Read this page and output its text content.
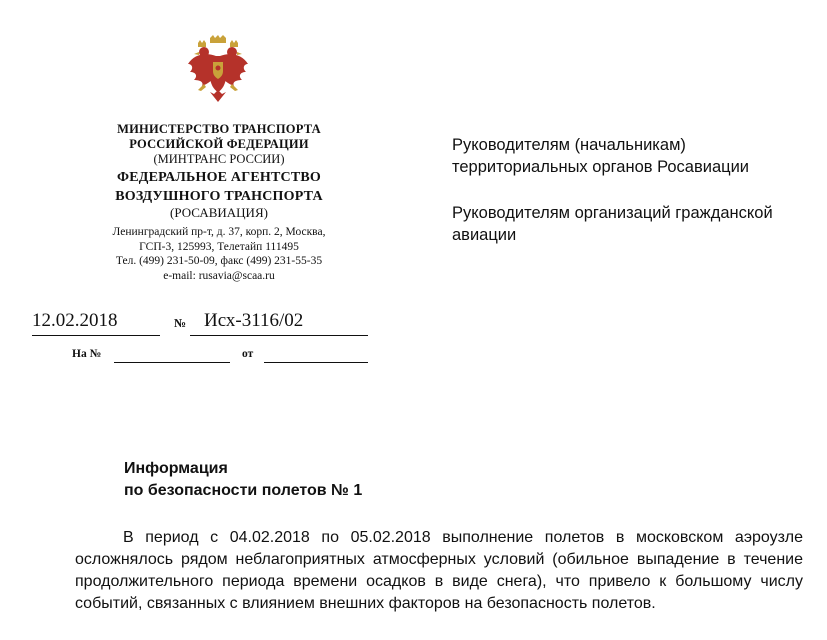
МИНИСТЕРСТВО ТРАНСПОРТА
РОССИЙСКОЙ ФЕДЕРАЦИИ
(МИНТРАНС РОССИИ)
ФЕДЕРАЛЬНОЕ АГЕНТСТВО
ВОЗДУШНОГО ТРАНСПОРТА
(РОСАВИАЦИЯ)
Ленинградский пр-т, д. 37, корп. 2, Москва,
ГСП-3, 125993, Телетайп 111495
Тел. (499) 231-50-09, факс (499) 231-55-35
e-mail: rusavia@scaa.ru
12.02.2018	№ Исх-3116/02
На №	от
Руководителям (начальникам) территориальных органов Росавиации
Руководителям организаций гражданской авиации
Информация
по безопасности полетов № 1
В период с 04.02.2018 по 05.02.2018 выполнение полетов в московском аэроузле осложнялось рядом неблагоприятных атмосферных условий (обильное выпадение в течение продолжительного периода времени осадков в виде снега), что привело к большому числу событий, связанных с влиянием внешних факторов на безопасность полетов.
